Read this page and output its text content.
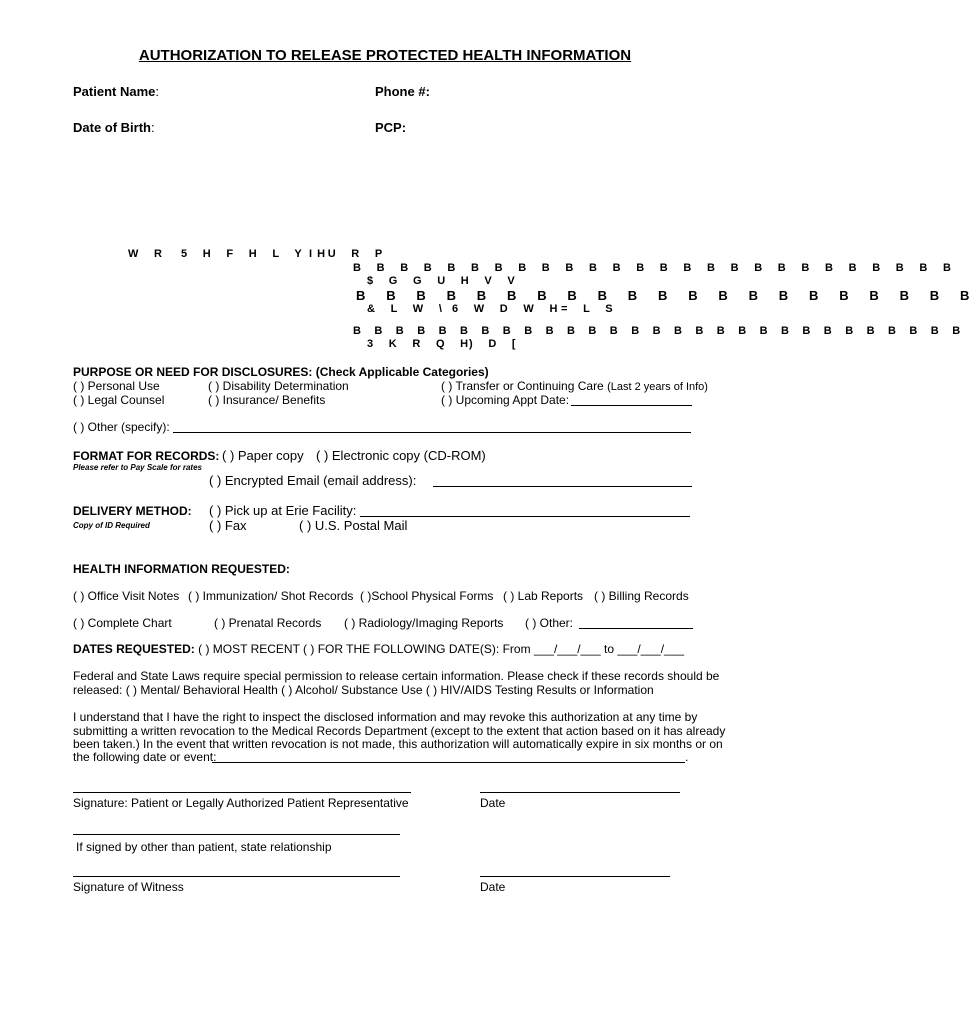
AUTHORIZATION TO RELEASE PROTECTED HEALTH INFORMATION
Patient Name:	Phone #:
Date of Birth:	PCP:
W R 5 H F H L Y H
I U R P
B B B B B B B B B B B B B B B B B B B B B B B B B B
$ G G U H V V
B B B B B B B B B B B B B B B B B B B B B
& L W \ 6 W D W H
= L S
B B B B B B B B B B B B B B B B B B B B B B B B B B B B B
3 K R Q H
) D [
PURPOSE OR NEED FOR DISCLOSURES: (Check Applicable Categories)
( ) Personal Use	( ) Disability Determination	( ) Transfer or Continuing Care (Last 2 years of Info)
( ) Legal Counsel	( ) Insurance/ Benefits	( ) Upcoming Appt Date:
( ) Other (specify):
FORMAT FOR RECORDS: ( ) Paper copy ( ) Electronic copy (CD-ROM)
Please refer to Pay Scale for rates
( ) Encrypted Email (email address):
DELIVERY METHOD: ( ) Pick up at Erie Facility:
Copy of ID Required	( ) Fax	( ) U.S. Postal Mail
HEALTH INFORMATION REQUESTED:
( ) Office Visit Notes ( ) Immunization/ Shot Records ( )School Physical Forms ( ) Lab Reports ( ) Billing Records
( ) Complete Chart	( ) Prenatal Records ( ) Radiology/Imaging Reports ( ) Other:
DATES REQUESTED: ( ) MOST RECENT ( ) FOR THE FOLLOWING DATE(S): From ___/___/___ to ___/___/___
Federal and State Laws require special permission to release certain information. Please check if these records should be
released: ( ) Mental/ Behavioral Health ( ) Alcohol/ Substance Use ( ) HIV/AIDS Testing Results or Information
I understand that I have the right to inspect the disclosed information and may revoke this authorization at any time by
submitting a written revocation to the Medical Records Department (except to the extent that action based on it has already
been taken.) In the event that written revocation is not made, this authorization will automatically expire in six months or on
the following date or event:	.
Signature: Patient or Legally Authorized Patient Representative	Date
If signed by other than patient, state relationship
Signature of Witness	Date
